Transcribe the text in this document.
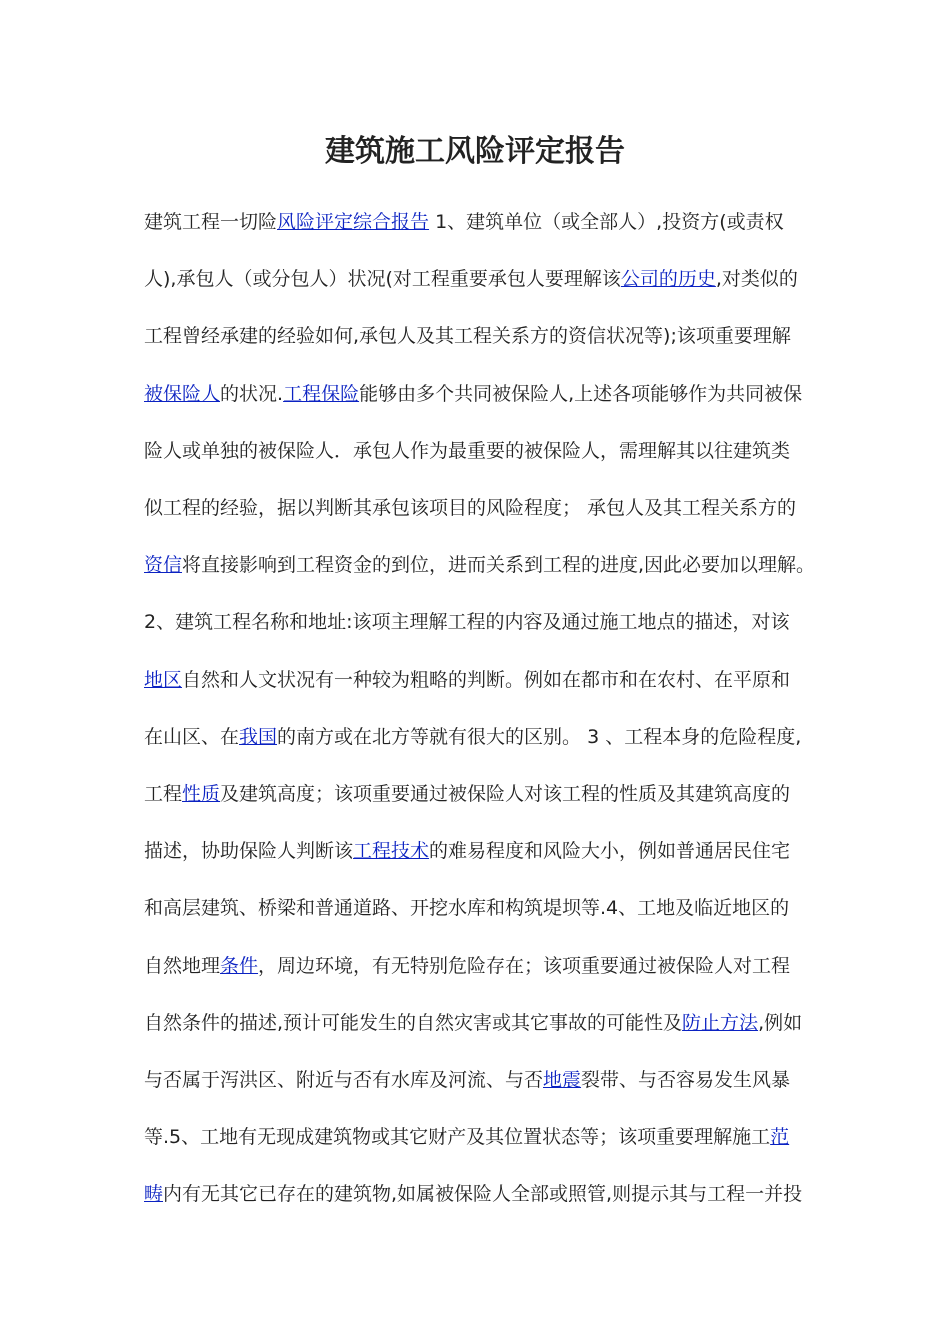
建筑施工风险评定报告
建筑工程一切险风险评定综合报告 1、建筑单位（或全部人）,投资方(或责权
人),承包人（或分包人）状况(对工程重要承包人要理解该公司的历史,对类似的
工程曾经承建的经验如何,承包人及其工程关系方的资信状况等);该项重要理解
被保险人的状况.工程保险能够由多个共同被保险人,上述各项能够作为共同被保
险人或单独的被保险人．承包人作为最重要的被保险人，需理解其以往建筑类
似工程的经验，据以判断其承包该项目的风险程度； 承包人及其工程关系方的
资信将直接影响到工程资金的到位，进而关系到工程的进度,因此必要加以理解。
2、建筑工程名称和地址:该项主理解工程的内容及通过施工地点的描述，对该
地区自然和人文状况有一种较为粗略的判断。例如在都市和在农村、在平原和
在山区、在我国的南方或在北方等就有很大的区别。 3 、工程本身的危险程度,
工程性质及建筑高度；该项重要通过被保险人对该工程的性质及其建筑高度的
描述，协助保险人判断该工程技术的难易程度和风险大小，例如普通居民住宅
和高层建筑、桥梁和普通道路、开挖水库和构筑堤坝等.4、工地及临近地区的
自然地理条件，周边环境，有无特别危险存在；该项重要通过被保险人对工程
自然条件的描述,预计可能发生的自然灾害或其它事故的可能性及防止方法,例如
与否属于泻洪区、附近与否有水库及河流、与否地震裂带、与否容易发生风暴
等.5、工地有无现成建筑物或其它财产及其位置状态等；该项重要理解施工范
畴内有无其它已存在的建筑物,如属被保险人全部或照管,则提示其与工程一并投
